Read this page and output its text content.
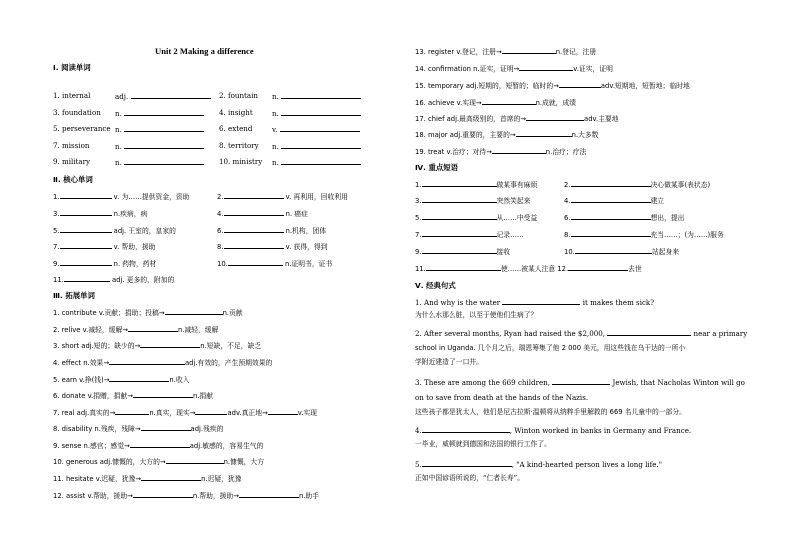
Unit 2 Making a difference
Ⅰ. 阅读单词
1. internal	adj.	2. fountain n.
3. foundation n.	4. insight	n.
5. perseverance n.	6. extend	v.
7. mission	n.	8. territory n.
9. military	n.	10. ministry n.
Ⅱ. 核心单词
1.	v. 为……提供资金，资助	2.	v. 再利用，回收利用
3.	n.疾病，病	4.	n. 癌症
5.	adj. 王室的，皇家的	6.	n.机构，团体
7.	v. 帮助，援助	8.	v. 获得，得到
9.	n. 药物，药材	10.	n.证明书，证书
11.	adj. 更多的，附加的
Ⅲ. 拓展单词
1. contribute v.贡献；捐助；投稿→	n.贡献
2. relive v.减轻，缓解→	n.减轻，缓解
3. short adj.短的；缺少的→	n.短缺，不足，缺乏
4. effect n.效果→	adj.有效的，产生预期效果的
5. earn v.挣(钱)→	n.收入
6. donate v.捐赠，捐献→	n.捐献
7. real adj.真实的→	n.真实，现实→	adv.真正地→	v.实现
8. disability n.残疾，残障→	adj.残疾的
9. sense n.感官；感觉→	adj.敏感的，容易生气的
10. generous adj.慷慨的，大方的→	n.慷慨，大方
11. hesitate v.迟疑，犹豫→	n.迟疑，犹豫
12. assist v.帮助，援助→	n.帮助，援助→	n.助手
13. register v.登记，注册→	n.登记，注册
14. confirmation n.证实，证明→	v.证实，证明
15. temporary adj.短期的，短暂的；临时的→	adv.短期地，短暂地；临时地
16. achieve v.实现→	n.成就，成绩
17. chief adj.最高级别的，首席的→	adv.主要地
18. major adj.重要的，主要的→	n.大多数
19. treat v.治疗；对待→	n.治疗；疗法
Ⅳ. 重点短语
1.	做某事有麻烦	2.	决心做某事(表状态)
3.	突然笑起来	4.	建立
5.	从……中受益	6.	想出，提出
7.	记录……	8.	充当……；(为……)服务
9.	接收	10.	站起身来
11.	使……被某人注意 12.	去世
Ⅴ. 经典句式
1. And why is the water	it makes them sick?
为什么水那么脏，以至于使他们生病了？
2. After several months, Ryan had raised the $2,000,	near a primary
school in Uganda. 几个月之后，瑞恩筹集了他 2 000 美元，用这些钱在乌干达的一所小
学附近建造了一口井。
3. These are among the 669 children,	Jewish, that Nacholas Winton will go
on to save from death at the hands of the Nazis.
这些孩子都是犹太人，他们是尼古拉斯·温顿将从纳粹手里解救的 669 名儿童中的一部分。
4.	, Winton worked in banks in Germany and France.
一毕业，威顿就到德国和法国的银行工作了。
5.	, "A kind-hearted person lives a long life."
正如中国谚语所说的，“仁者长寿”。
